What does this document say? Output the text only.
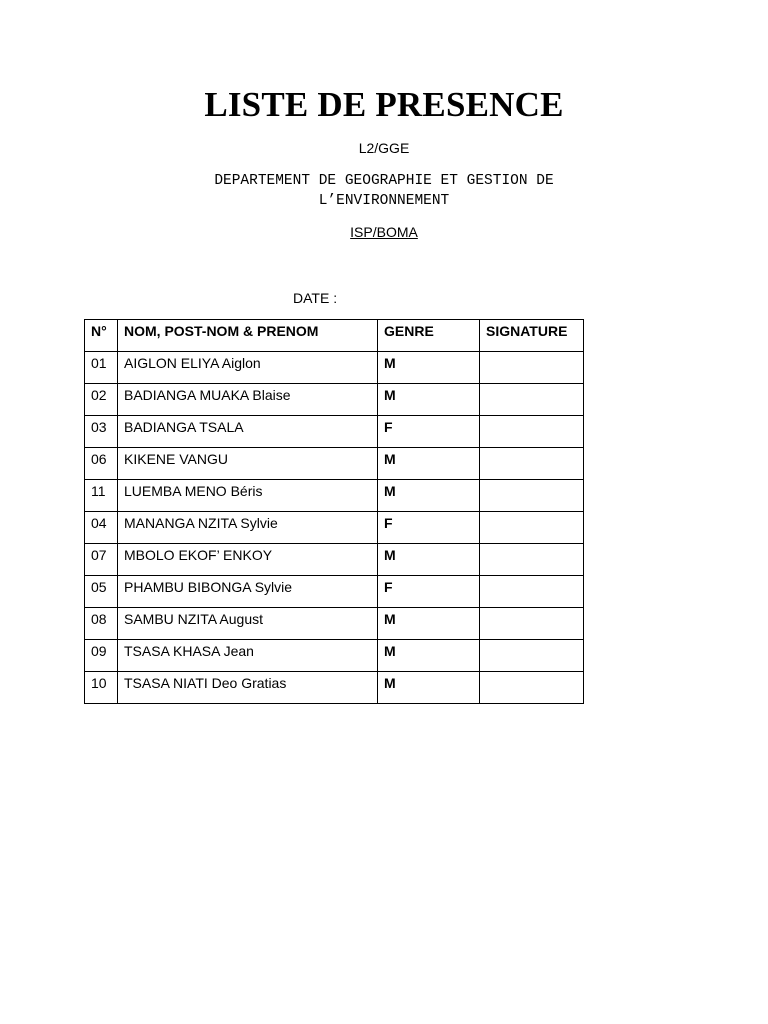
LISTE DE PRESENCE
L2/GGE
DEPARTEMENT DE GEOGRAPHIE ET GESTION DE
L’ENVIRONNEMENT
ISP/BOMA
DATE :
N°	NOM, POST-NOM & PRENOM	GENRE	SIGNATURE
01	AIGLON ELIYA Aiglon	M	
02	BADIANGA MUAKA Blaise	M	
03	BADIANGA TSALA	F	
06	KIKENE VANGU	M	
11	LUEMBA MENO Béris	M	
04	MANANGA NZITA Sylvie	F	
07	MBOLO EKOF’ ENKOY	M	
05	PHAMBU BIBONGA Sylvie	F	
08	SAMBU NZITA August	M	
09	TSASA KHASA Jean	M	
10	TSASA NIATI Deo Gratias	M	
